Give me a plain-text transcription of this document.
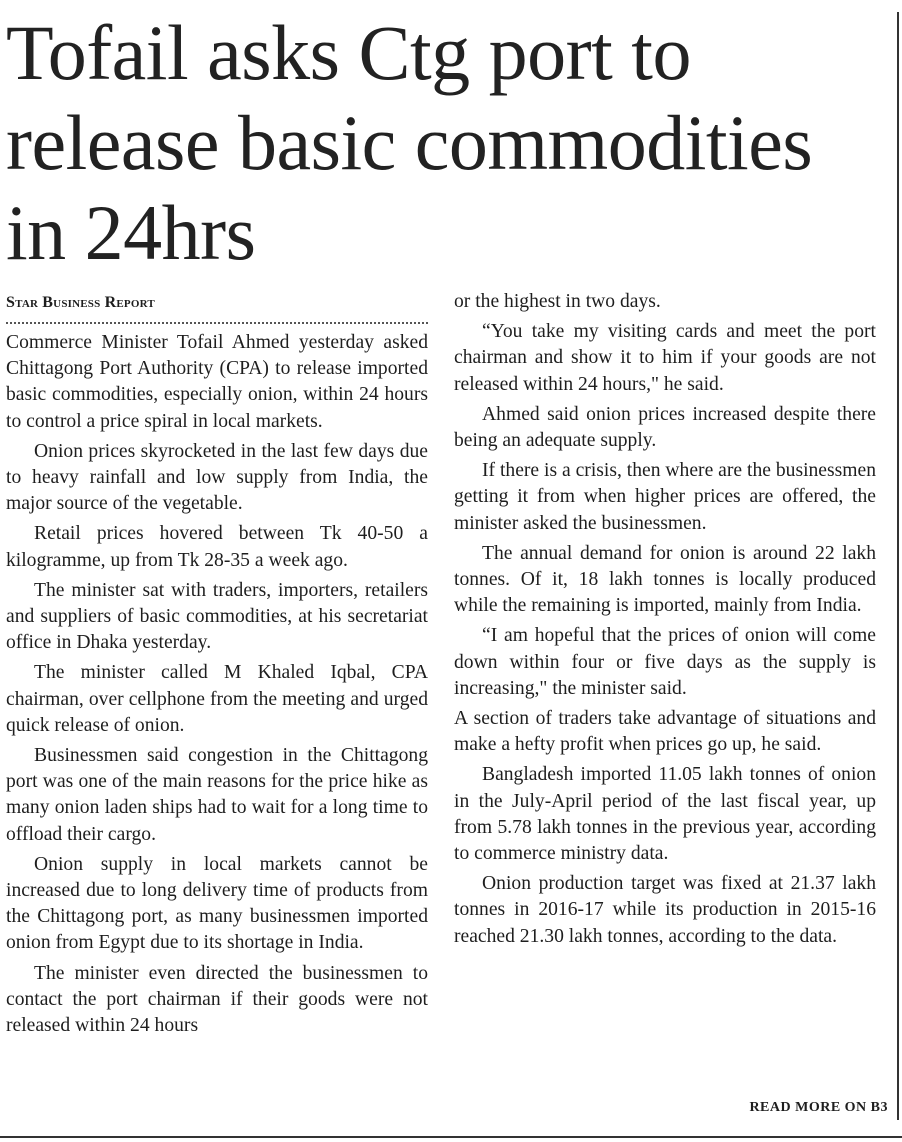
Tofail asks Ctg port to release basic commodities in 24hrs
Star Business Report

Commerce Minister Tofail Ahmed yesterday asked Chittagong Port Authority (CPA) to release imported basic commodities, especially onion, within 24 hours to control a price spiral in local markets.

Onion prices skyrocketed in the last few days due to heavy rainfall and low supply from India, the major source of the vegetable.

Retail prices hovered between Tk 40-50 a kilogramme, up from Tk 28-35 a week ago.

The minister sat with traders, importers, retailers and suppliers of basic commodities, at his secretariat office in Dhaka yesterday.

The minister called M Khaled Iqbal, CPA chairman, over cellphone from the meeting and urged quick release of onion.

Businessmen said congestion in the Chittagong port was one of the main reasons for the price hike as many onion laden ships had to wait for a long time to offload their cargo.

Onion supply in local markets cannot be increased due to long delivery time of products from the Chittagong port, as many businessmen imported onion from Egypt due to its shortage in India.

The minister even directed the businessmen to contact the port chairman if their goods were not released within 24 hours

or the highest in two days.

“You take my visiting cards and meet the port chairman and show it to him if your goods are not released within 24 hours," he said.

Ahmed said onion prices increased despite there being an adequate supply.

If there is a crisis, then where are the businessmen getting it from when higher prices are offered, the minister asked the businessmen.

The annual demand for onion is around 22 lakh tonnes. Of it, 18 lakh tonnes is locally produced while the remaining is imported, mainly from India.

“I am hopeful that the prices of onion will come down within four or five days as the supply is increasing," the minister said.

A section of traders take advantage of situations and make a hefty profit when prices go up, he said.

Bangladesh imported 11.05 lakh tonnes of onion in the July-April period of the last fiscal year, up from 5.78 lakh tonnes in the previous year, according to commerce ministry data.

Onion production target was fixed at 21.37 lakh tonnes in 2016-17 while its production in 2015-16 reached 21.30 lakh tonnes, according to the data.

READ MORE ON B3
